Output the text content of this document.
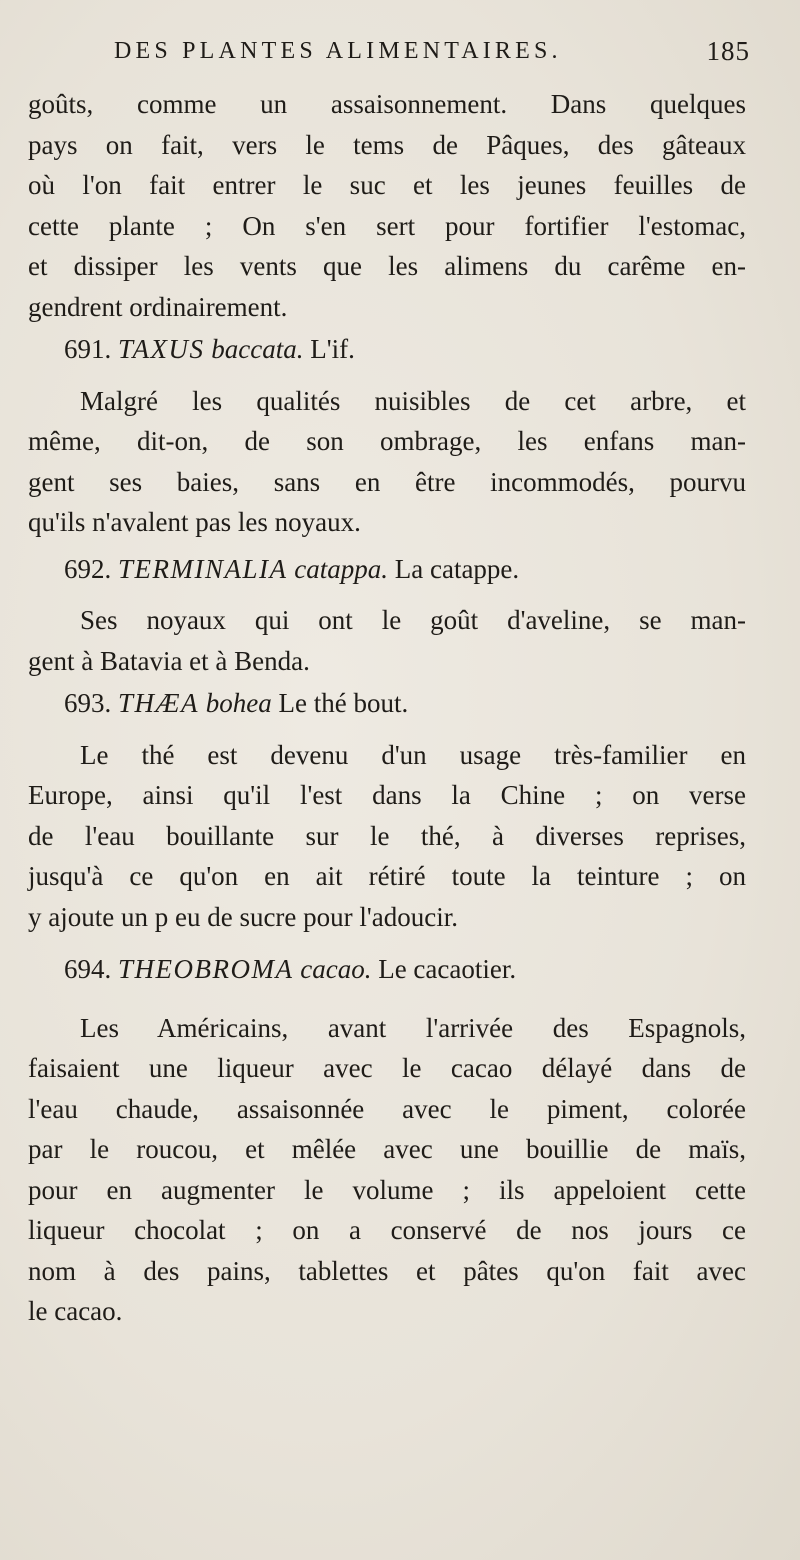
DES PLANTES ALIMENTAIRES.	185
goûts, comme un assaisonnement. Dans quelques
pays on fait, vers le tems de Pâques, des gâteaux
où l'on fait entrer le suc et les jeunes feuilles de
cette plante ; On s'en sert pour fortifier l'estomac,
et dissiper les vents que les alimens du carême en-
gendrent ordinairement.
691. TAXUS baccata. L'if.
Malgré les qualités nuisibles de cet arbre, et
même, dit-on, de son ombrage, les enfans man-
gent ses baies, sans en être incommodés, pourvu
qu'ils n'avalent pas les noyaux.
692. TERMINALIA catappa. La catappe.
Ses noyaux qui ont le goût d'aveline, se man-
gent à Batavia et à Benda.
693. THÆA bohea Le thé bout.
Le thé est devenu d'un usage très-familier en
Europe, ainsi qu'il l'est dans la Chine ; on verse
de l'eau bouillante sur le thé, à diverses reprises,
jusqu'à ce qu'on en ait rétiré toute la teinture ; on
y ajoute un p eu de sucre pour l'adoucir.
694. THEOBROMA cacao. Le cacaotier.
Les Américains, avant l'arrivée des Espagnols,
faisaient une liqueur avec le cacao délayé dans de
l'eau chaude, assaisonnée avec le piment, colorée
par le roucou, et mêlée avec une bouillie de maïs,
pour en augmenter le volume ; ils appeloient cette
liqueur chocolat ; on a conservé de nos jours ce
nom à des pains, tablettes et pâtes qu'on fait avec
le cacao.
